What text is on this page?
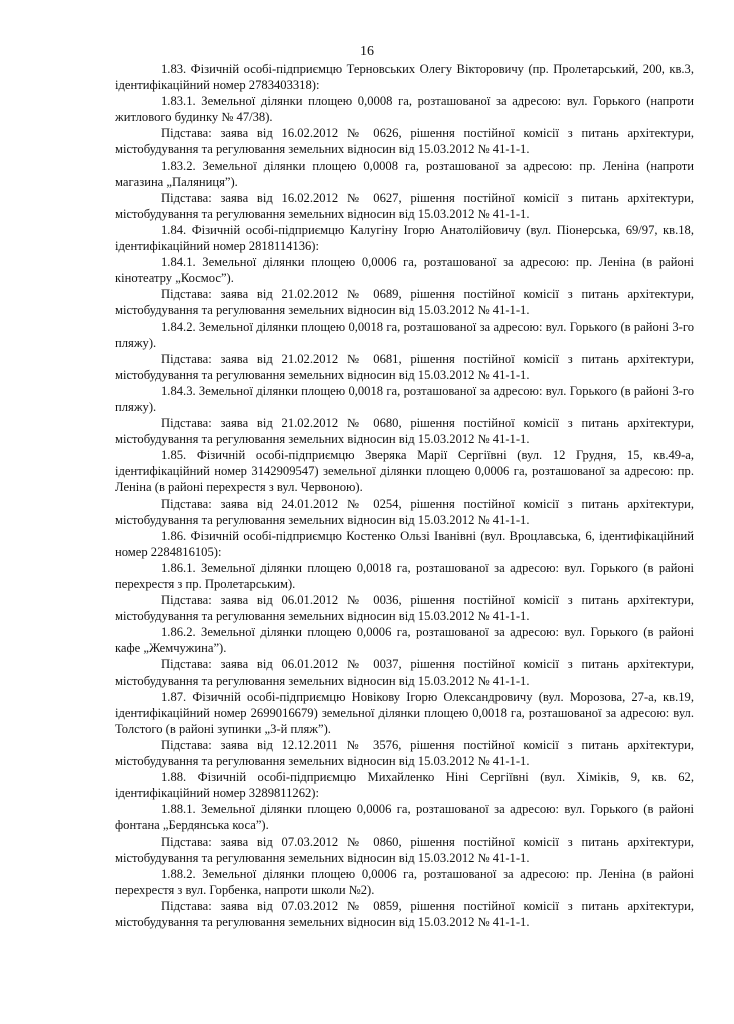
16

1.83. Фізичній особі-підприємцю Терновських Олегу Вікторовичу (пр. Пролетарський, 200, кв.3, ідентифікаційний номер 2783403318):

1.83.1. Земельної ділянки площею 0,0008 га, розташованої за адресою: вул. Горького (напроти житлового будинку № 47/38).

Підстава: заява від 16.02.2012 № 0626, рішення постійної комісії з питань архітектури, містобудування та регулювання земельних відносин від 15.03.2012 № 41-1-1.

1.83.2. Земельної ділянки площею 0,0008 га, розташованої за адресою: пр. Леніна (напроти магазина „Паляниця”).

Підстава: заява від 16.02.2012 № 0627, рішення постійної комісії з питань архітектури, містобудування та регулювання земельних відносин від 15.03.2012 № 41-1-1.

1.84. Фізичній особі-підприємцю Калугіну Ігорю Анатолійовичу (вул. Піонерська, 69/97, кв.18, ідентифікаційний номер 2818114136):

1.84.1. Земельної ділянки площею 0,0006 га, розташованої за адресою: пр. Леніна (в районі кінотеатру „Космос”).

Підстава: заява від 21.02.2012 № 0689, рішення постійної комісії з питань архітектури, містобудування та регулювання земельних відносин від 15.03.2012 № 41-1-1.

1.84.2. Земельної ділянки площею 0,0018 га, розташованої за адресою: вул. Горького (в районі 3-го пляжу).

Підстава: заява від 21.02.2012 № 0681, рішення постійної комісії з питань архітектури, містобудування та регулювання земельних відносин від 15.03.2012 № 41-1-1.

1.84.3. Земельної ділянки площею 0,0018 га, розташованої за адресою: вул. Горького (в районі 3-го пляжу).

Підстава: заява від 21.02.2012 № 0680, рішення постійної комісії з питань архітектури, містобудування та регулювання земельних відносин від 15.03.2012 № 41-1-1.

1.85. Фізичній особі-підприємцю Зверяка Марії Сергіївні (вул. 12 Грудня, 15, кв.49-а, ідентифікаційний номер 3142909547) земельної ділянки площею 0,0006 га, розташованої за адресою: пр. Леніна (в районі перехрестя з вул. Червоною).

Підстава: заява від 24.01.2012 № 0254, рішення постійної комісії з питань архітектури, містобудування та регулювання земельних відносин від 15.03.2012 № 41-1-1.

1.86. Фізичній особі-підприємцю Костенко Ользі Іванівні (вул. Вроцлавська, 6, ідентифікаційний номер 2284816105):

1.86.1. Земельної ділянки площею 0,0018 га, розташованої за адресою: вул. Горького (в районі перехрестя з пр. Пролетарським).

Підстава: заява від 06.01.2012 № 0036, рішення постійної комісії з питань архітектури, містобудування та регулювання земельних відносин від 15.03.2012 № 41-1-1.

1.86.2. Земельної ділянки площею 0,0006 га, розташованої за адресою: вул. Горького (в районі кафе „Жемчужина”).

Підстава: заява від 06.01.2012 № 0037, рішення постійної комісії з питань архітектури, містобудування та регулювання земельних відносин від 15.03.2012 № 41-1-1.

1.87. Фізичній особі-підприємцю Новікову Ігорю Олександровичу (вул. Морозова, 27-а, кв.19, ідентифікаційний номер 2699016679) земельної ділянки площею 0,0018 га, розташованої за адресою: вул. Толстого (в районі зупинки „3-й пляж”).

Підстава: заява від 12.12.2011 № 3576, рішення постійної комісії з питань архітектури, містобудування та регулювання земельних відносин від 15.03.2012 № 41-1-1.

1.88. Фізичній особі-підприємцю Михайленко Ніні Сергіївні (вул. Хіміків, 9, кв. 62, ідентифікаційний номер 3289811262):

1.88.1. Земельної ділянки площею 0,0006 га, розташованої за адресою: вул. Горького (в районі фонтана „Бердянська коса”).

Підстава: заява від 07.03.2012 № 0860, рішення постійної комісії з питань архітектури, містобудування та регулювання земельних відносин від 15.03.2012 № 41-1-1.

1.88.2. Земельної ділянки площею 0,0006 га, розташованої за адресою: пр. Леніна (в районі перехрестя з вул. Горбенка, напроти школи №2).

Підстава: заява від 07.03.2012 № 0859, рішення постійної комісії з питань архітектури, містобудування та регулювання земельних відносин від 15.03.2012 № 41-1-1.
